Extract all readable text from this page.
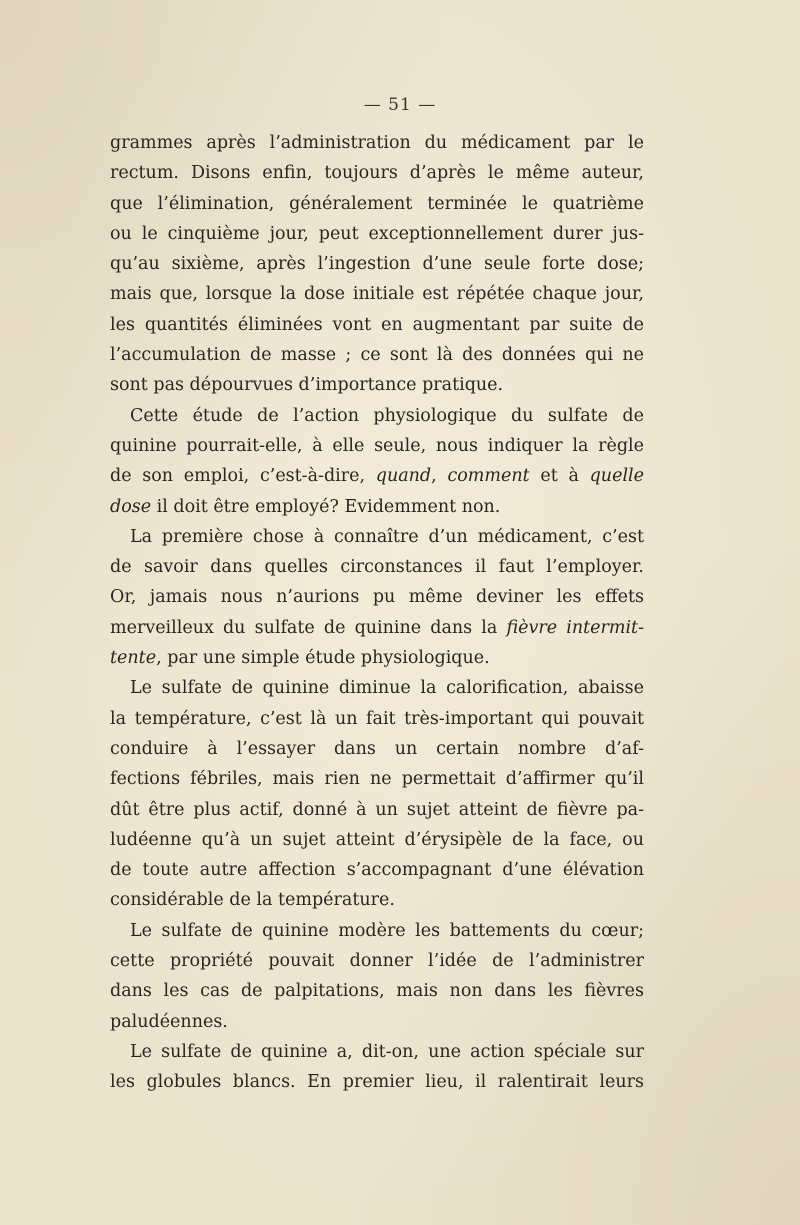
— 51 —
grammes après l’administration du médicament par le
rectum. Disons enfin, toujours d’après le même auteur,
que l’élimination, généralement terminée le quatrième
ou le cinquième jour, peut exceptionnellement durer jus-
qu’au sixième, après l’ingestion d’une seule forte dose;
mais que, lorsque la dose initiale est répétée chaque jour,
les quantités éliminées vont en augmentant par suite de
l’accumulation de masse ; ce sont là des données qui ne
sont pas dépourvues d’importance pratique.
Cette étude de l’action physiologique du sulfate de
quinine pourrait-elle, à elle seule, nous indiquer la règle
de son emploi, c’est-à-dire, quand, comment et à quelle
dose il doit être employé? Evidemment non.
La première chose à connaître d’un médicament, c’est
de savoir dans quelles circonstances il faut l’employer.
Or, jamais nous n’aurions pu même deviner les effets
merveilleux du sulfate de quinine dans la fièvre intermit-
tente, par une simple étude physiologique.
Le sulfate de quinine diminue la calorification, abaisse
la température, c’est là un fait très-important qui pouvait
conduire à l’essayer dans un certain nombre d’af-
fections fébriles, mais rien ne permettait d’affirmer qu’il
dût être plus actif, donné à un sujet atteint de fièvre pa-
ludéenne qu’à un sujet atteint d’érysipèle de la face, ou
de toute autre affection s’accompagnant d’une élévation
considérable de la température.
Le sulfate de quinine modère les battements du cœur;
cette propriété pouvait donner l’idée de l’administrer
dans les cas de palpitations, mais non dans les fièvres
paludéennes.
Le sulfate de quinine a, dit-on, une action spéciale sur
les globules blancs. En premier lieu, il ralentirait leurs
